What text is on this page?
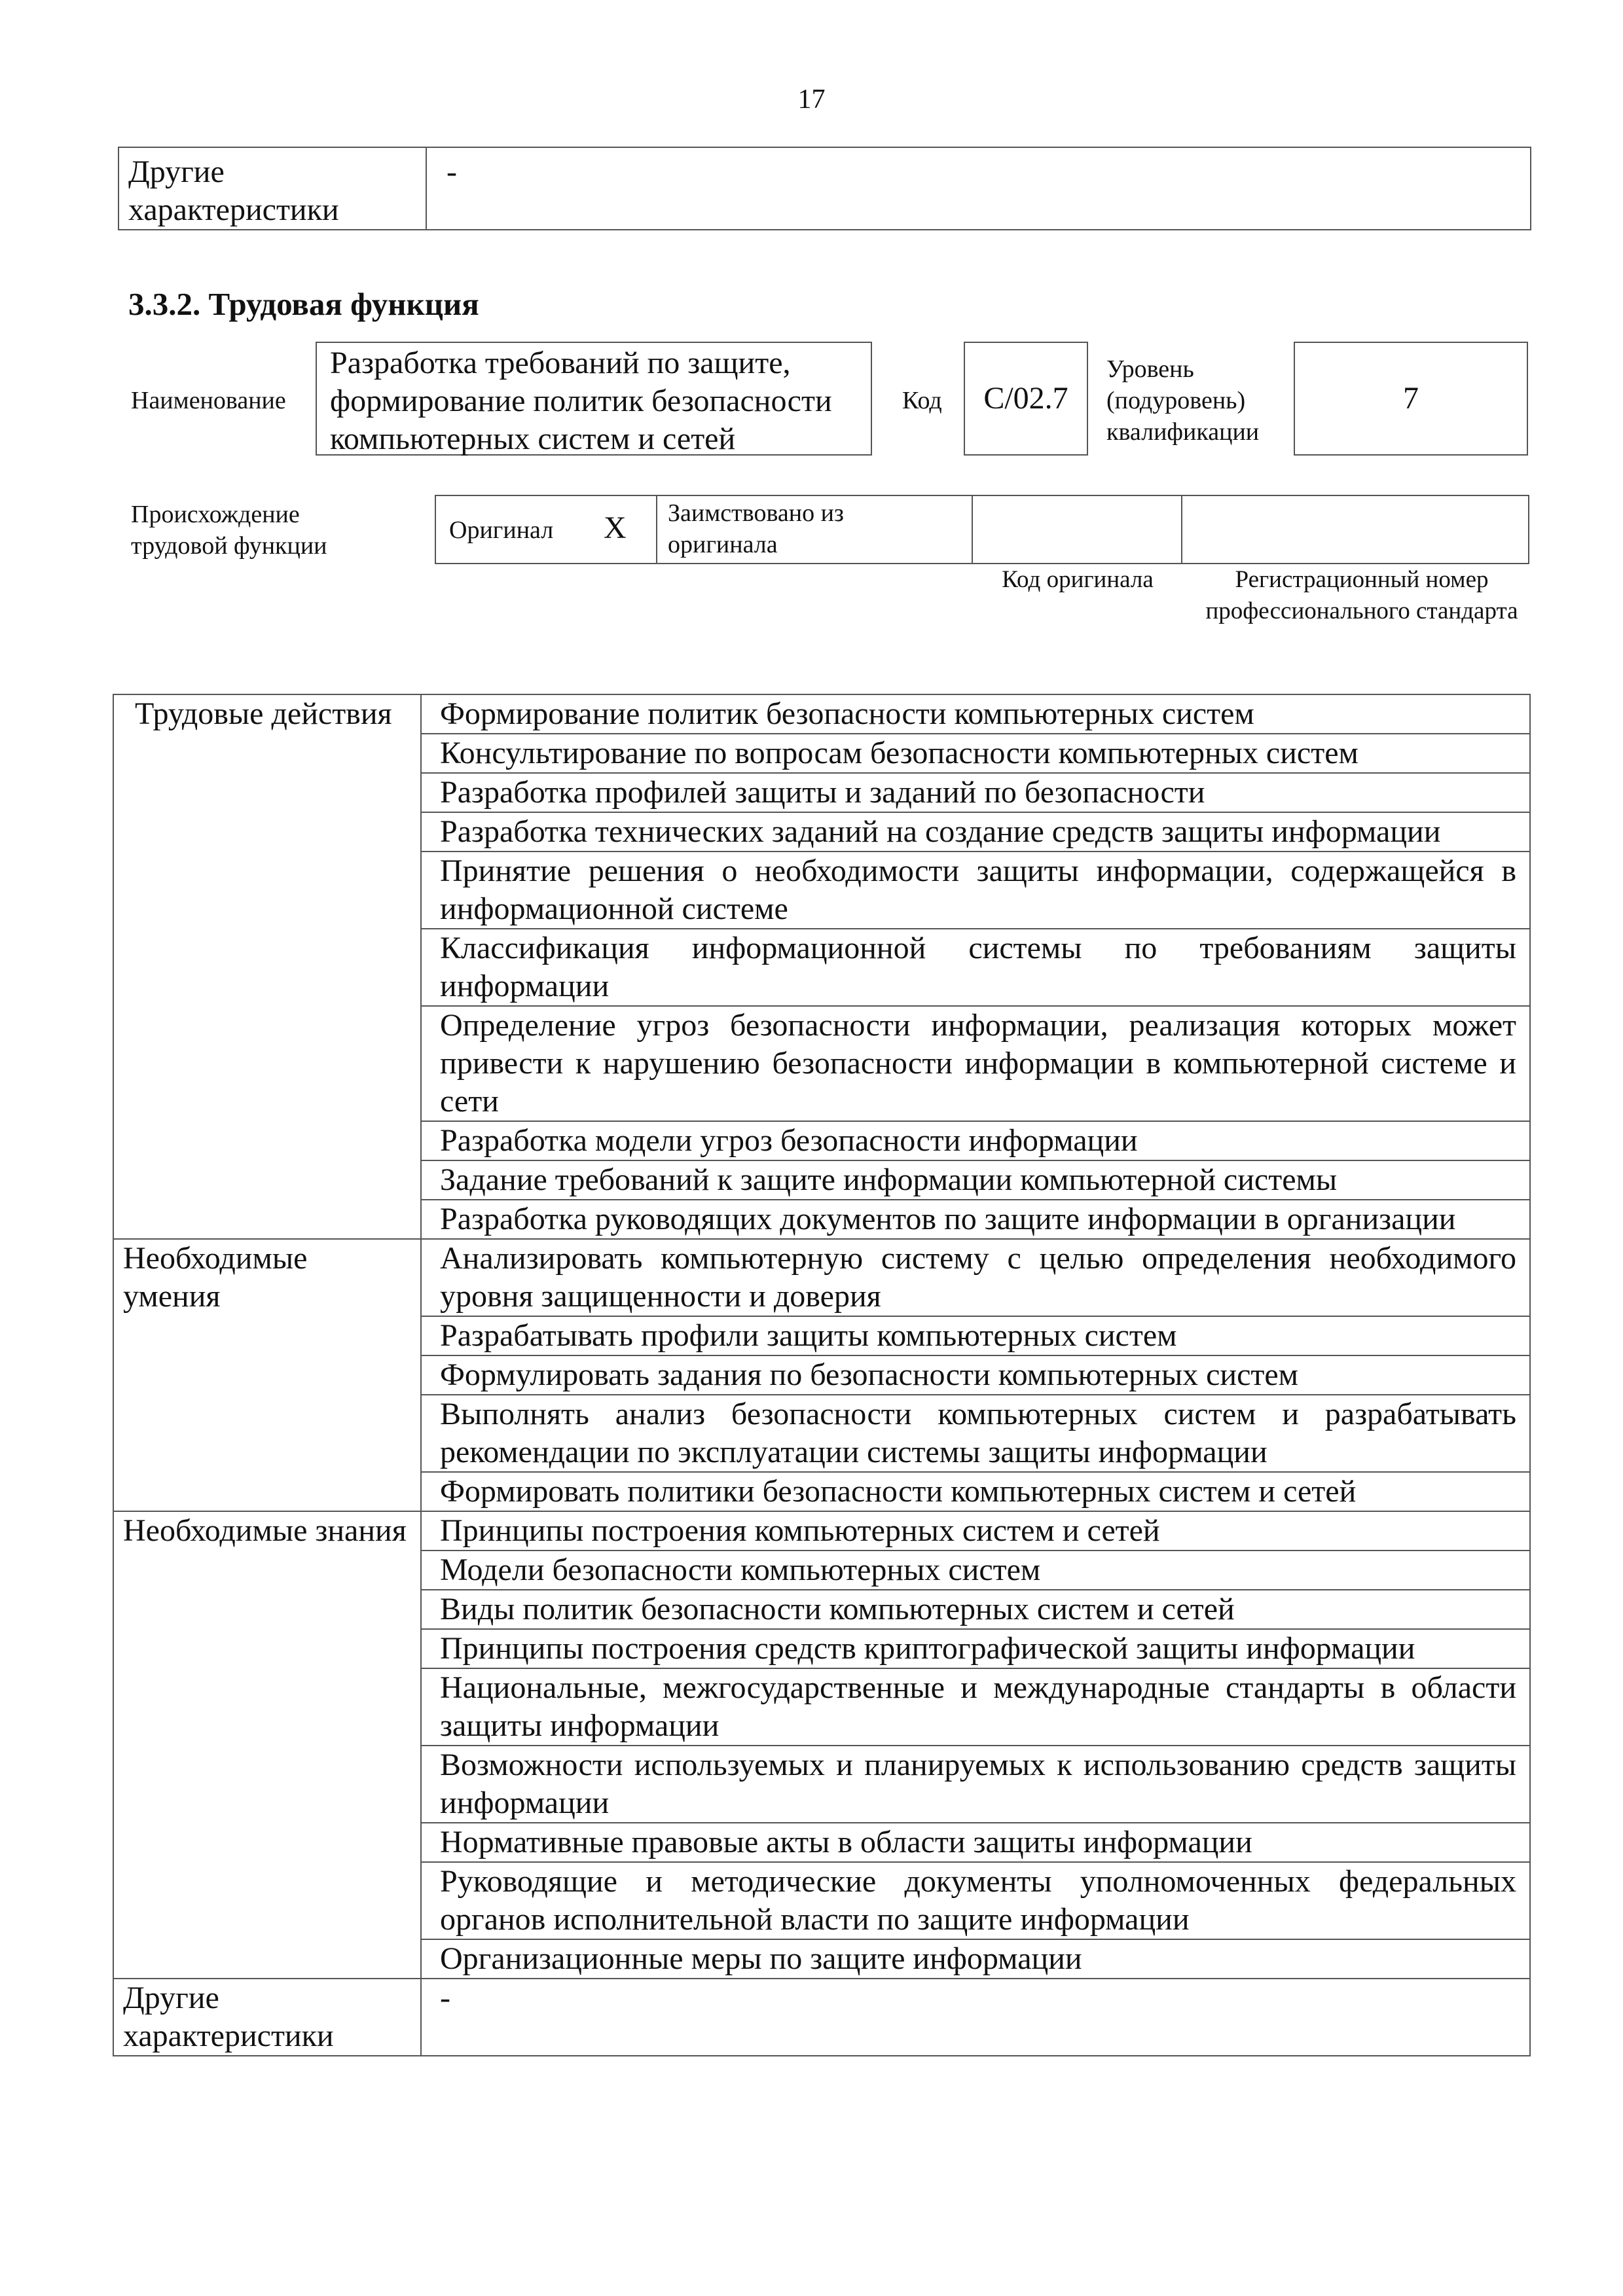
17
Другие характеристики	-
3.3.2. Трудовая функция
Наименование
Разработка требований по защите, формирование политик безопасности компьютерных систем и сетей
Код	C/02.7
Уровень (подуровень) квалификации
7
Происхождение трудовой функции
Оригинал X Заимствовано из оригинала
Код оригинала	Регистрационный номер профессионального стандарта
Трудовые действия	Формирование политик безопасности компьютерных систем
	Консультирование по вопросам безопасности компьютерных систем
	Разработка профилей защиты и заданий по безопасности
	Разработка технических заданий на создание средств защиты информации
	Принятие решения о необходимости защиты информации, содержащейся в информационной системе
	Классификация информационной системы по требованиям защиты информации
	Определение угроз безопасности информации, реализация которых может привести к нарушению безопасности информации в компьютерной системе и сети
	Разработка модели угроз безопасности информации
	Задание требований к защите информации компьютерной системы
	Разработка руководящих документов по защите информации в организации
Необходимые умения	Анализировать компьютерную систему с целью определения необходимого уровня защищенности и доверия
	Разрабатывать профили защиты компьютерных систем
	Формулировать задания по безопасности компьютерных систем
	Выполнять анализ безопасности компьютерных систем и разрабатывать рекомендации по эксплуатации системы защиты информации
	Формировать политики безопасности компьютерных систем и сетей
Необходимые знания	Принципы построения компьютерных систем и сетей
	Модели безопасности компьютерных систем
	Виды политик безопасности компьютерных систем и сетей
	Принципы построения средств криптографической защиты информации
	Национальные, межгосударственные и международные стандарты в области защиты информации
	Возможности используемых и планируемых к использованию средств защиты информации
	Нормативные правовые акты в области защиты информации
	Руководящие и методические документы уполномоченных федеральных органов исполнительной власти по защите информации
	Организационные меры по защите информации
Другие характеристики	-
